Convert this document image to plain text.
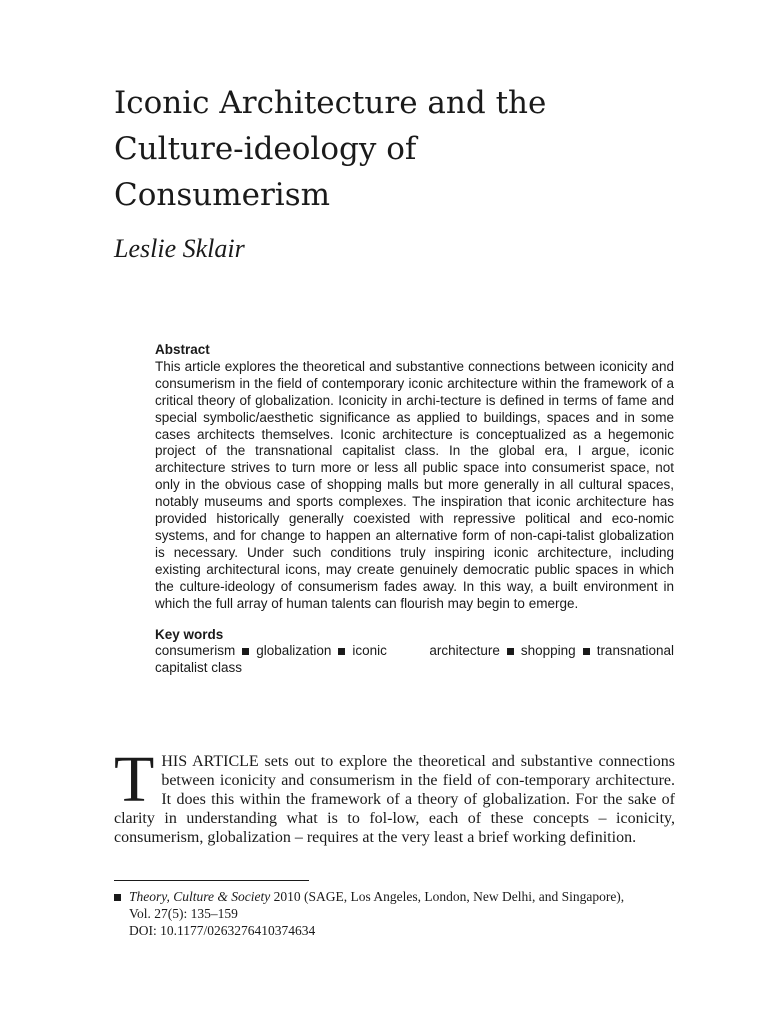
Iconic Architecture and the
Culture-ideology of
Consumerism
Leslie Sklair
Abstract

This article explores the theoretical and substantive connections between iconicity and consumerism in the field of contemporary iconic architecture within the framework of a critical theory of globalization. Iconicity in archi-tecture is defined in terms of fame and special symbolic/aesthetic significance as applied to buildings, spaces and in some cases architects themselves. Iconic architecture is conceptualized as a hegemonic project of the transnational capitalist class. In the global era, I argue, iconic architecture strives to turn more or less all public space into consumerist space, not only in the obvious case of shopping malls but more generally in all cultural spaces, notably museums and sports complexes. The inspiration that iconic architecture has provided historically generally coexisted with repressive political and eco-nomic systems, and for change to happen an alternative form of non-capi-talist globalization is necessary. Under such conditions truly inspiring iconic architecture, including existing architectural icons, may create genuinely democratic public spaces in which the culture-ideology of consumerism fades away. In this way, a built environment in which the full array of human talents can flourish may begin to emerge.

Key words
consumerism globalization iconic architecture shopping transnational capitalist class

THIS ARTICLE sets out to explore the theoretical and substantive connections between iconicity and consumerism in the field of con-temporary architecture. It does this within the framework of a theory of globalization. For the sake of clarity in understanding what is to fol-low, each of these concepts – iconicity, consumerism, globalization – requires at the very least a brief working definition.

Theory, Culture & Society 2010 (SAGE, Los Angeles, London, New Delhi, and Singapore),
Vol. 27(5): 135–159
DOI: 10.1177/0263276410374634
